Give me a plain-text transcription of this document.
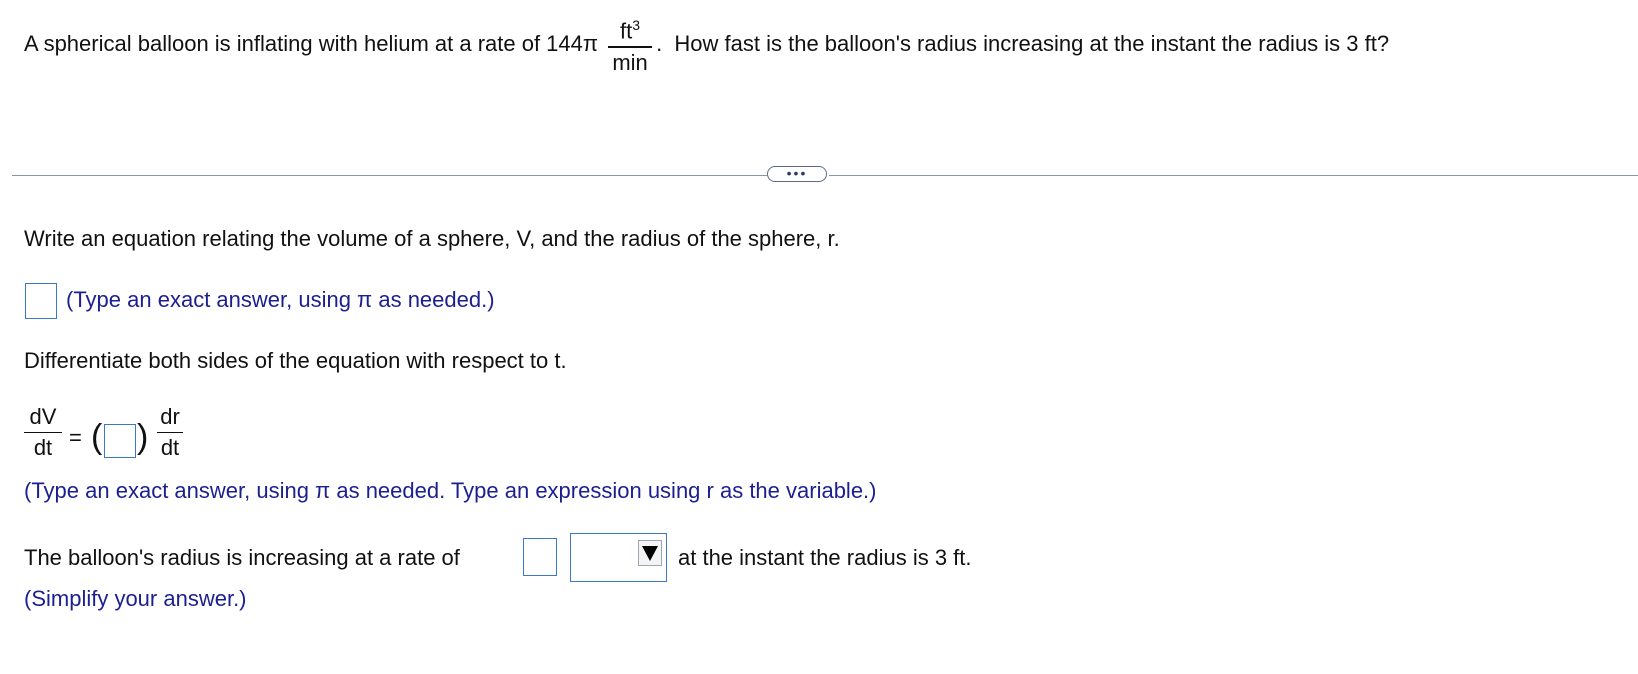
A spherical balloon is inflating with helium at a rate of $144\pi \frac{ft^3}{\min}$ .  How fast is the balloon's radius increasing at the instant the radius is 3 ft?
•••
Write an equation relating the volume of a sphere, V, and the radius of the sphere, r.
(Type an exact answer, using π as needed.)
Differentiate both sides of the equation with respect to t.
dV
dt = ( )
dr
dt
(Type an exact answer, using π as needed. Type an expression using r as the variable.)
The balloon's radius is increasing at a rate of	at the instant the radius is 3 ft.
(Simplify your answer.)
